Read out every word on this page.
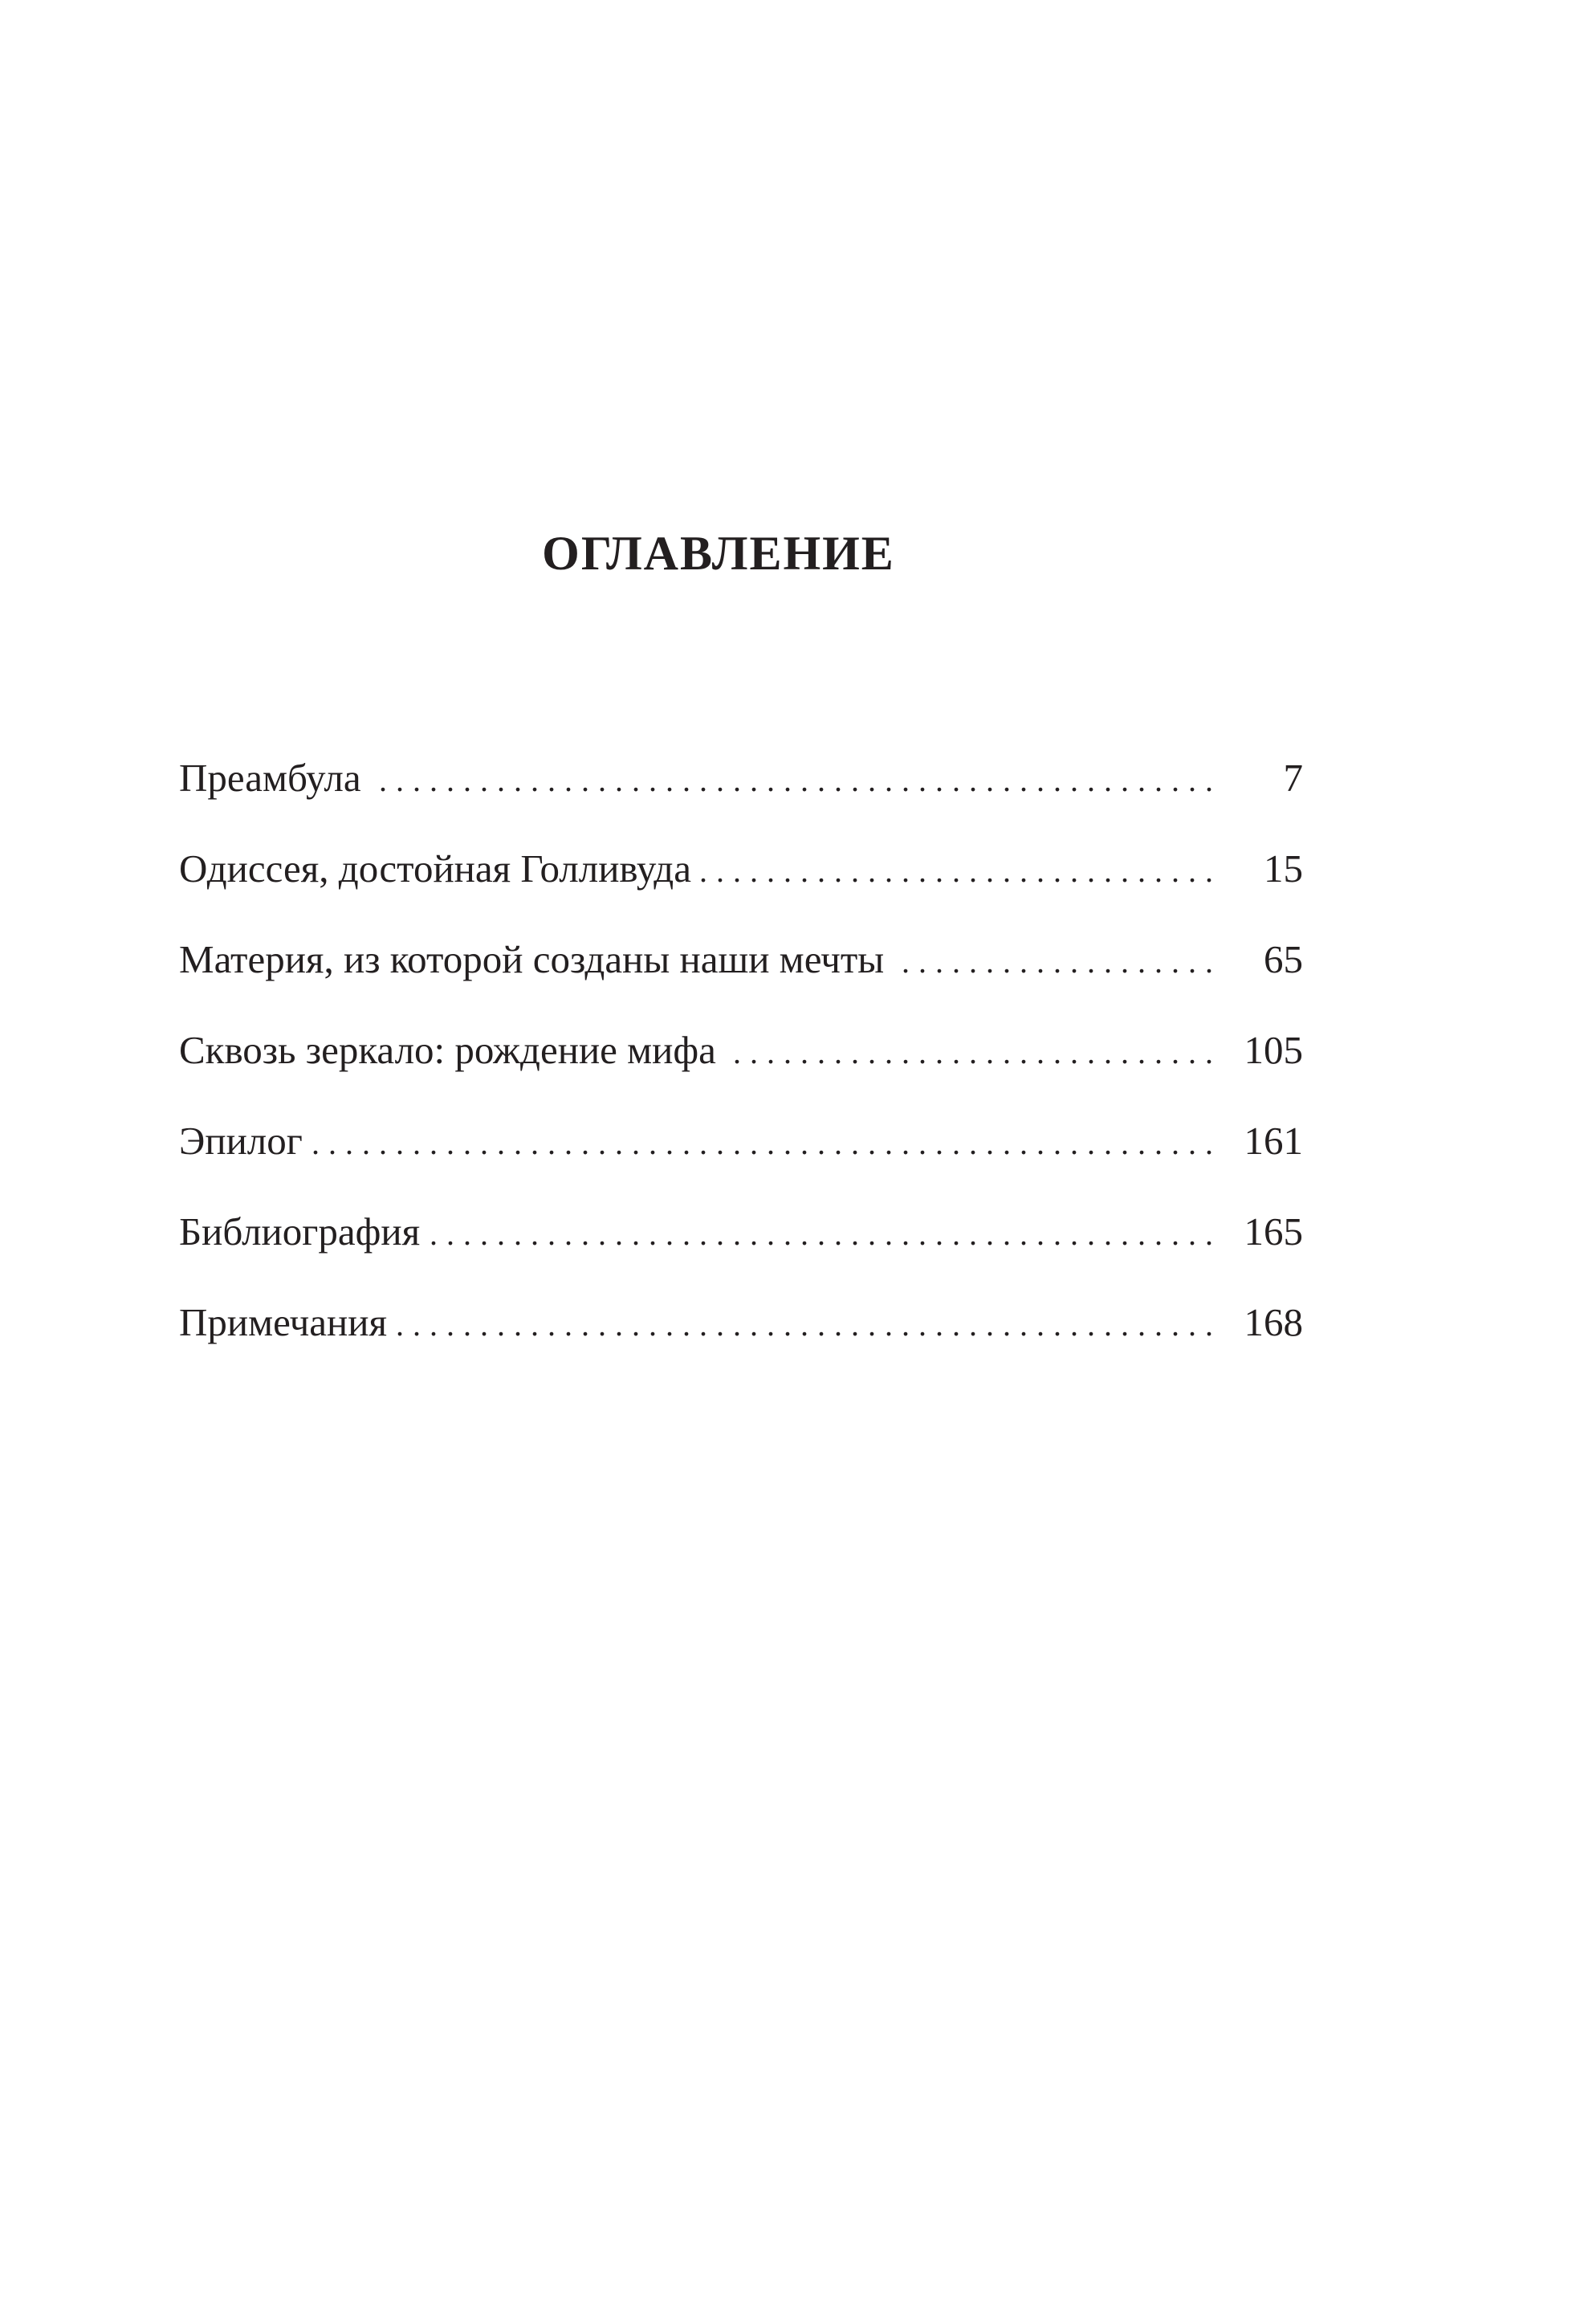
ОГЛАВЛЕНИЕ
Преамбула . . .	7
Одиссея, достойная Голливуда . . .	15
Материя, из которой созданы наши мечты . . .	65
Сквозь зеркало: рождение мифа . . .	105
Эпилог . . .	161
Библиография . . .	165
Примечания . . .	168
